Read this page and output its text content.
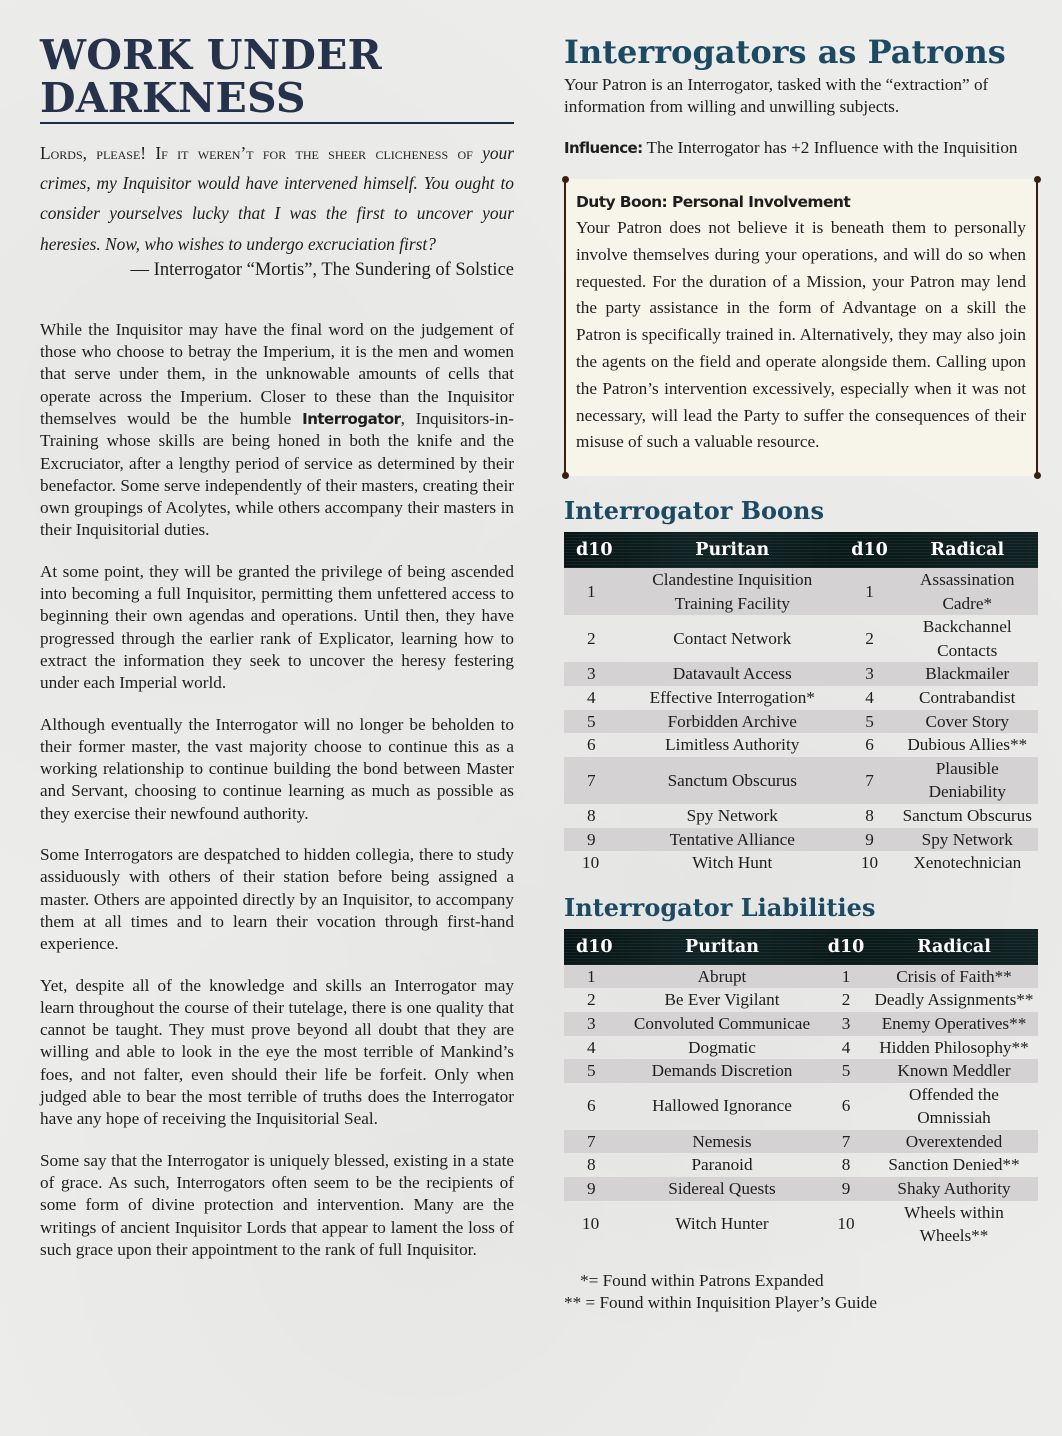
WORK UNDER
DARKNESS
Lords, please! If it weren’t for the sheer clicheness of your crimes, my Inquisitor would have intervened himself. You ought to consider yourselves lucky that I was the first to uncover your heresies. Now, who wishes to undergo excruciation first?
— Interrogator “Mortis”, The Sundering of Solstice

While the Inquisitor may have the final word on the judgement of those who choose to betray the Imperium, it is the men and women that serve under them, in the unknowable amounts of cells that operate across the Imperium. Closer to these than the Inquisitor themselves would be the humble Interrogator, Inquisitors-in-Training whose skills are being honed in both the knife and the Excruciator, after a lengthy period of service as determined by their benefactor. Some serve independently of their masters, creating their own groupings of Acolytes, while others accompany their masters in their Inquisitorial duties.

At some point, they will be granted the privilege of being ascended into becoming a full Inquisitor, permitting them unfettered access to beginning their own agendas and operations. Until then, they have progressed through the earlier rank of Explicator, learning how to extract the information they seek to uncover the heresy festering under each Imperial world.

Although eventually the Interrogator will no longer be beholden to their former master, the vast majority choose to continue this as a working relationship to continue building the bond between Master and Servant, choosing to continue learning as much as possible as they exercise their newfound authority.

Some Interrogators are despatched to hidden collegia, there to study assiduously with others of their station before being assigned a master. Others are appointed directly by an Inquisitor, to accompany them at all times and to learn their vocation through first-hand experience.

Yet, despite all of the knowledge and skills an Interrogator may learn throughout the course of their tutelage, there is one quality that cannot be taught. They must prove beyond all doubt that they are willing and able to look in the eye the most terrible of Mankind’s foes, and not falter, even should their life be forfeit. Only when judged able to bear the most terrible of truths does the Interrogator have any hope of receiving the Inquisitorial Seal.

Some say that the Interrogator is uniquely blessed, existing in a state of grace. As such, Interrogators often seem to be the recipients of some form of divine protection and intervention. Many are the writings of ancient Inquisitor Lords that appear to lament the loss of such grace upon their appointment to the rank of full Inquisitor.

Interrogators as Patrons

Your Patron is an Interrogator, tasked with the “extraction” of information from willing and unwilling subjects.

Influence: The Interrogator has +2 Influence with the Inquisition

Duty Boon: Personal Involvement
Your Patron does not believe it is beneath them to personally involve themselves during your operations, and will do so when requested. For the duration of a Mission, your Patron may lend the party assistance in the form of Advantage on a skill the Patron is specifically trained in. Alternatively, they may also join the agents on the field and operate alongside them. Calling upon the Patron’s intervention excessively, especially when it was not necessary, will lead the Party to suffer the consequences of their misuse of such a valuable resource.
Interrogator Boons
d10	Puritan	d10	Radical
1	Clandestine Inquisition Training Facility	1	Assassination Cadre*
2	Contact Network	2	Backchannel Contacts
3	Datavault Access	3	Blackmailer
4	Effective Interrogation*	4	Contrabandist
5	Forbidden Archive	5	Cover Story
6	Limitless Authority	6	Dubious Allies**
7	Sanctum Obscurus	7	Plausible Deniability
8	Spy Network	8	Sanctum Obscurus
9	Tentative Alliance	9	Spy Network
10	Witch Hunt	10	Xenotechnician
Interrogator Liabilities
d10	Puritan	d10	Radical
1	Abrupt	1	Crisis of Faith**
2	Be Ever Vigilant	2	Deadly Assignments**
3	Convoluted Communicae	3	Enemy Operatives**
4	Dogmatic	4	Hidden Philosophy**
5	Demands Discretion	5	Known Meddler
6	Hallowed Ignorance	6	Offended the Omnissiah
7	Nemesis	7	Overextended
8	Paranoid	8	Sanction Denied**
9	Sidereal Quests	9	Shaky Authority
10	Witch Hunter	10	Wheels within Wheels**
*= Found within Patrons Expanded
** = Found within Inquisition Player’s Guide
